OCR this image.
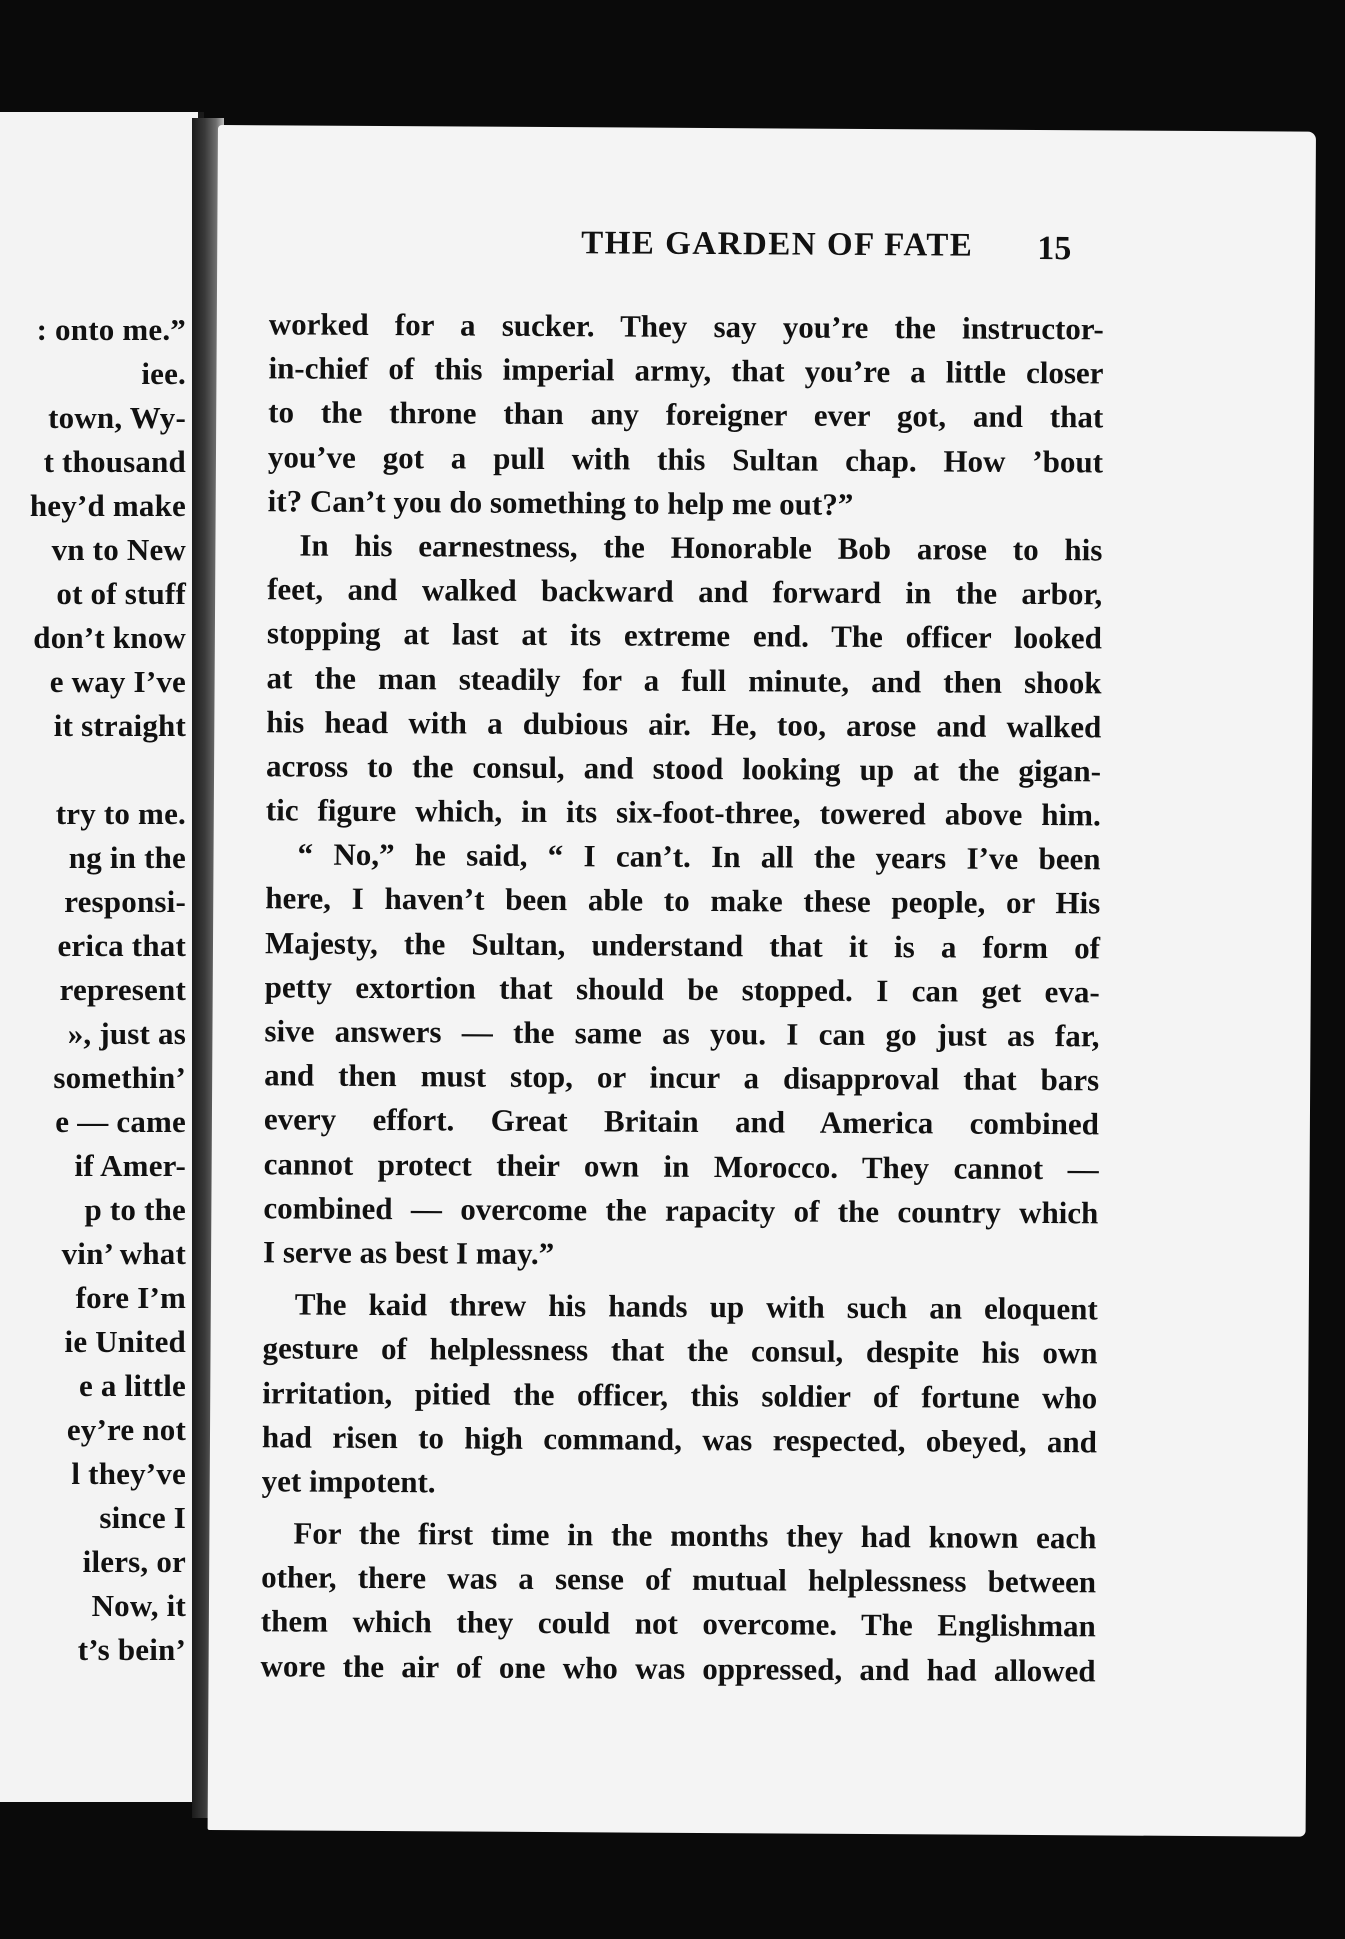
: onto me.”
iee.
town, Wy-
t thousand
hey’d make
vn to New
ot of stuff
don’t know
e way I’ve
it straight
try to me.
ng in the
responsi-
erica that
represent
», just as
somethin’
e — came
if Amer-
p to the
vin’ what
fore I’m
ie United
e a little
ey’re not
l they’ve
since I
ilers, or
Now, it
t’s bein’
THE GARDEN OF FATE	15
worked for a sucker. They say you’re the instructor-
in-chief of this imperial army, that you’re a little closer
to the throne than any foreigner ever got, and that
you’ve got a pull with this Sultan chap. How ’bout
it? Can’t you do something to help me out?”
In his earnestness, the Honorable Bob arose to his
feet, and walked backward and forward in the arbor,
stopping at last at its extreme end. The officer looked
at the man steadily for a full minute, and then shook
his head with a dubious air. He, too, arose and walked
across to the consul, and stood looking up at the gigan-
tic figure which, in its six-foot-three, towered above him.
“ No,” he said, “ I can’t. In all the years I’ve been
here, I haven’t been able to make these people, or His
Majesty, the Sultan, understand that it is a form of
petty extortion that should be stopped. I can get eva-
sive answers — the same as you. I can go just as far,
and then must stop, or incur a disapproval that bars
every effort. Great Britain and America combined
cannot protect their own in Morocco. They cannot —
combined — overcome the rapacity of the country which
I serve as best I may.”
The kaid threw his hands up with such an eloquent
gesture of helplessness that the consul, despite his own
irritation, pitied the officer, this soldier of fortune who
had risen to high command, was respected, obeyed, and
yet impotent.
For the first time in the months they had known each
other, there was a sense of mutual helplessness between
them which they could not overcome. The Englishman
wore the air of one who was oppressed, and had allowed
